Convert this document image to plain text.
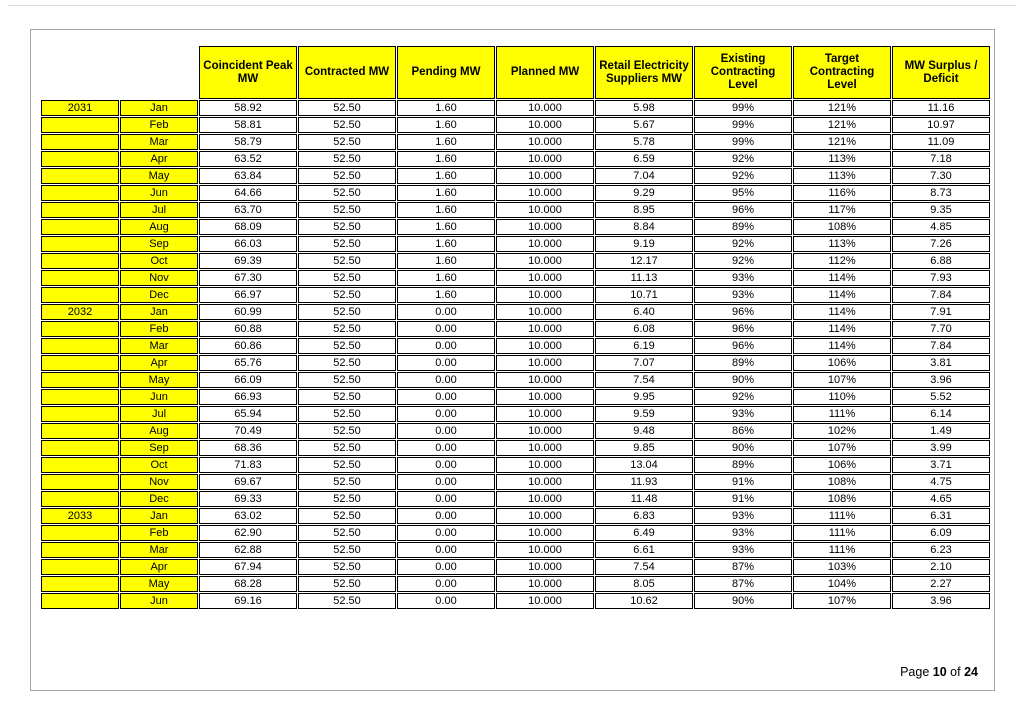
		Coincident Peak MW	Contracted MW	Pending MW	Planned MW	Retail Electricity Suppliers MW	Existing Contracting Level	Target Contracting Level	MW Surplus / Deficit
2031	Jan	58.92	52.50	1.60	10.000	5.98	99%	121%	11.16
	Feb	58.81	52.50	1.60	10.000	5.67	99%	121%	10.97
	Mar	58.79	52.50	1.60	10.000	5.78	99%	121%	11.09
	Apr	63.52	52.50	1.60	10.000	6.59	92%	113%	7.18
	May	63.84	52.50	1.60	10.000	7.04	92%	113%	7.30
	Jun	64.66	52.50	1.60	10.000	9.29	95%	116%	8.73
	Jul	63.70	52.50	1.60	10.000	8.95	96%	117%	9.35
	Aug	68.09	52.50	1.60	10.000	8.84	89%	108%	4.85
	Sep	66.03	52.50	1.60	10.000	9.19	92%	113%	7.26
	Oct	69.39	52.50	1.60	10.000	12.17	92%	112%	6.88
	Nov	67.30	52.50	1.60	10.000	11.13	93%	114%	7.93
	Dec	66.97	52.50	1.60	10.000	10.71	93%	114%	7.84
2032	Jan	60.99	52.50	0.00	10.000	6.40	96%	114%	7.91
	Feb	60.88	52.50	0.00	10.000	6.08	96%	114%	7.70
	Mar	60.86	52.50	0.00	10.000	6.19	96%	114%	7.84
	Apr	65.76	52.50	0.00	10.000	7.07	89%	106%	3.81
	May	66.09	52.50	0.00	10.000	7.54	90%	107%	3.96
	Jun	66.93	52.50	0.00	10.000	9.95	92%	110%	5.52
	Jul	65.94	52.50	0.00	10.000	9.59	93%	111%	6.14
	Aug	70.49	52.50	0.00	10.000	9.48	86%	102%	1.49
	Sep	68.36	52.50	0.00	10.000	9.85	90%	107%	3.99
	Oct	71.83	52.50	0.00	10.000	13.04	89%	106%	3.71
	Nov	69.67	52.50	0.00	10.000	11.93	91%	108%	4.75
	Dec	69.33	52.50	0.00	10.000	11.48	91%	108%	4.65
2033	Jan	63.02	52.50	0.00	10.000	6.83	93%	111%	6.31
	Feb	62.90	52.50	0.00	10.000	6.49	93%	111%	6.09
	Mar	62.88	52.50	0.00	10.000	6.61	93%	111%	6.23
	Apr	67.94	52.50	0.00	10.000	7.54	87%	103%	2.10
	May	68.28	52.50	0.00	10.000	8.05	87%	104%	2.27
	Jun	69.16	52.50	0.00	10.000	10.62	90%	107%	3.96
Page 10 of 24
